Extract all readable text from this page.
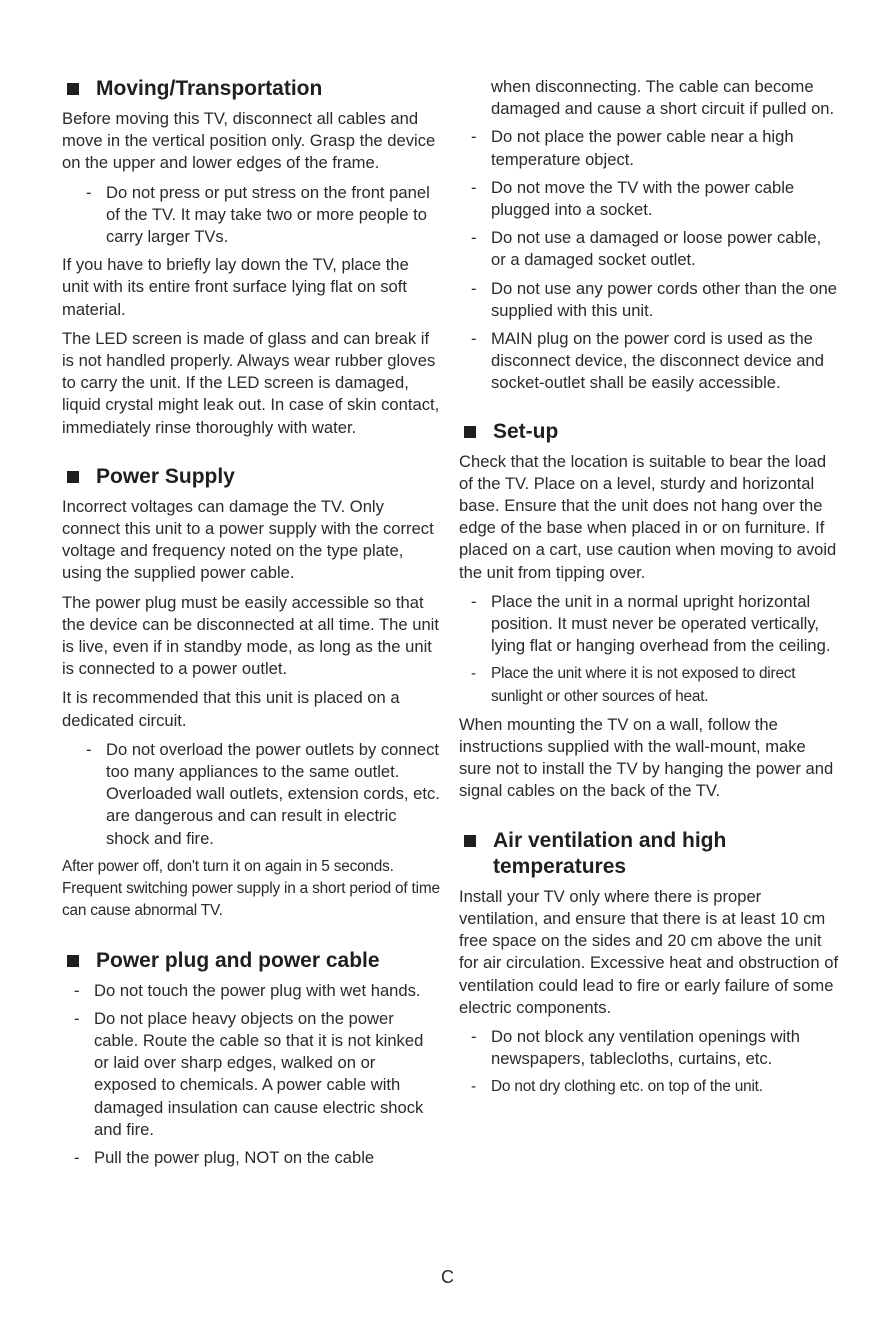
Moving/Transportation
Before moving this TV, disconnect all cables and move in the vertical position only. Grasp the device on the upper and lower edges of the frame.
- Do not press or put stress on the front panel of the TV. It may take two or more people to carry larger TVs.
If you have to briefly lay down the TV, place the unit with its entire front surface lying flat on soft material.
The LED screen is made of glass and can break if is not handled properly. Always wear rubber gloves to carry the unit. If the LED screen is damaged, liquid crystal might leak out. In case of skin contact, immediately rinse thoroughly with water.
Power Supply
Incorrect voltages can damage the TV. Only connect this unit to a power supply with the correct voltage and frequency noted on the type plate, using the supplied power cable.
The power plug must be easily accessible so that the device can be disconnected at all time. The unit is live, even if in standby mode, as long as the unit is connected to a power outlet.
It is recommended that this unit is placed on a dedicated circuit.
- Do not overload the power outlets by connect too many appliances to the same outlet. Overloaded wall outlets, extension cords, etc. are dangerous and can result in electric shock and fire.
After power off, don't turn it on again in 5 seconds. Frequent switching power supply in a short period of time can cause abnormal TV.
Power plug and power cable
- Do not touch the power plug with wet hands.
- Do not place heavy objects on the power cable. Route the cable so that it is not kinked or laid over sharp edges, walked on or exposed to chemicals. A power cable with damaged insulation can cause electric shock and fire.
- Pull the power plug, NOT on the cable
when disconnecting. The cable can become damaged and cause a short circuit if pulled on.
- Do not place the power cable near a high temperature object.
- Do not move the TV with the power cable plugged into a socket.
- Do not use a damaged or loose power cable, or a damaged socket outlet.
- Do not use any power cords other than the one supplied with this unit.
- MAIN plug on the power cord is used as the disconnect device, the disconnect device and socket-outlet shall be easily accessible.
Set-up
Check that the location is suitable to bear the load of the TV. Place on a level, sturdy and horizontal base. Ensure that the unit does not hang over the edge of the base when placed in or on furniture. If placed on a cart, use caution when moving to avoid the unit from tipping over.
- Place the unit in a normal upright horizontal position. It must never be operated vertically, lying flat or hanging overhead from the ceiling.
- Place the unit where it is not exposed to direct sunlight or other sources of heat.
When mounting the TV on a wall, follow the instructions supplied with the wall-mount, make sure not to install the TV by hanging the power and signal cables on the back of the TV.
Air ventilation and high temperatures
Install your TV only where there is proper ventilation, and ensure that there is at least 10 cm free space on the sides and 20 cm above the unit for air circulation. Excessive heat and obstruction of ventilation could lead to fire or early failure of some electric components.
- Do not block any ventilation openings with newspapers, tablecloths, curtains, etc.
- Do not dry clothing etc. on top of the unit.
C
